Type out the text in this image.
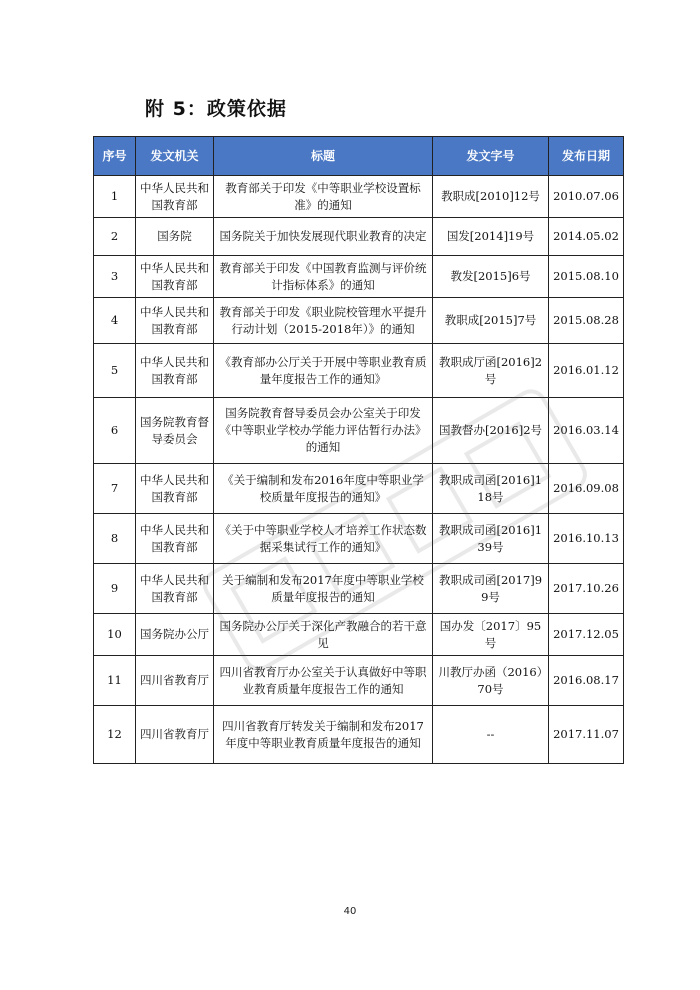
附 5：政策依据
序号	发文机关	标题	发文字号	发布日期
1	中华人民共和国教育部	教育部关于印发《中等职业学校设置标准》的通知	教职成[2010]12号	2010.07.06
2	国务院	国务院关于加快发展现代职业教育的决定	国发[2014]19号	2014.05.02
3	中华人民共和国教育部	教育部关于印发《中国教育监测与评价统计指标体系》的通知	教发[2015]6号	2015.08.10
4	中华人民共和国教育部	教育部关于印发《职业院校管理水平提升行动计划（2015-2018年）》的通知	教职成[2015]7号	2015.08.28
5	中华人民共和国教育部	《教育部办公厅关于开展中等职业教育质量年度报告工作的通知》	教职成厅函[2016]2号	2016.01.12
6	国务院教育督导委员会	国务院教育督导委员会办公室关于印发《中等职业学校办学能力评估暂行办法》的通知	国教督办[2016]2号	2016.03.14
7	中华人民共和国教育部	《关于编制和发布2016年度中等职业学校质量年度报告的通知》	教职成司函[2016]118号	2016.09.08
8	中华人民共和国教育部	《关于中等职业学校人才培养工作状态数据采集试行工作的通知》	教职成司函[2016]139号	2016.10.13
9	中华人民共和国教育部	关于编制和发布2017年度中等职业学校质量年度报告的通知	教职成司函[2017]99号	2017.10.26
10	国务院办公厅	国务院办公厅关于深化产教融合的若干意见	国办发〔2017〕95号	2017.12.05
11	四川省教育厅	四川省教育厅办公室关于认真做好中等职业教育质量年度报告工作的通知	川教厅办函（2016）70号	2016.08.17
12	四川省教育厅	四川省教育厅转发关于编制和发布2017年度中等职业教育质量年度报告的通知	--	2017.11.07
40
